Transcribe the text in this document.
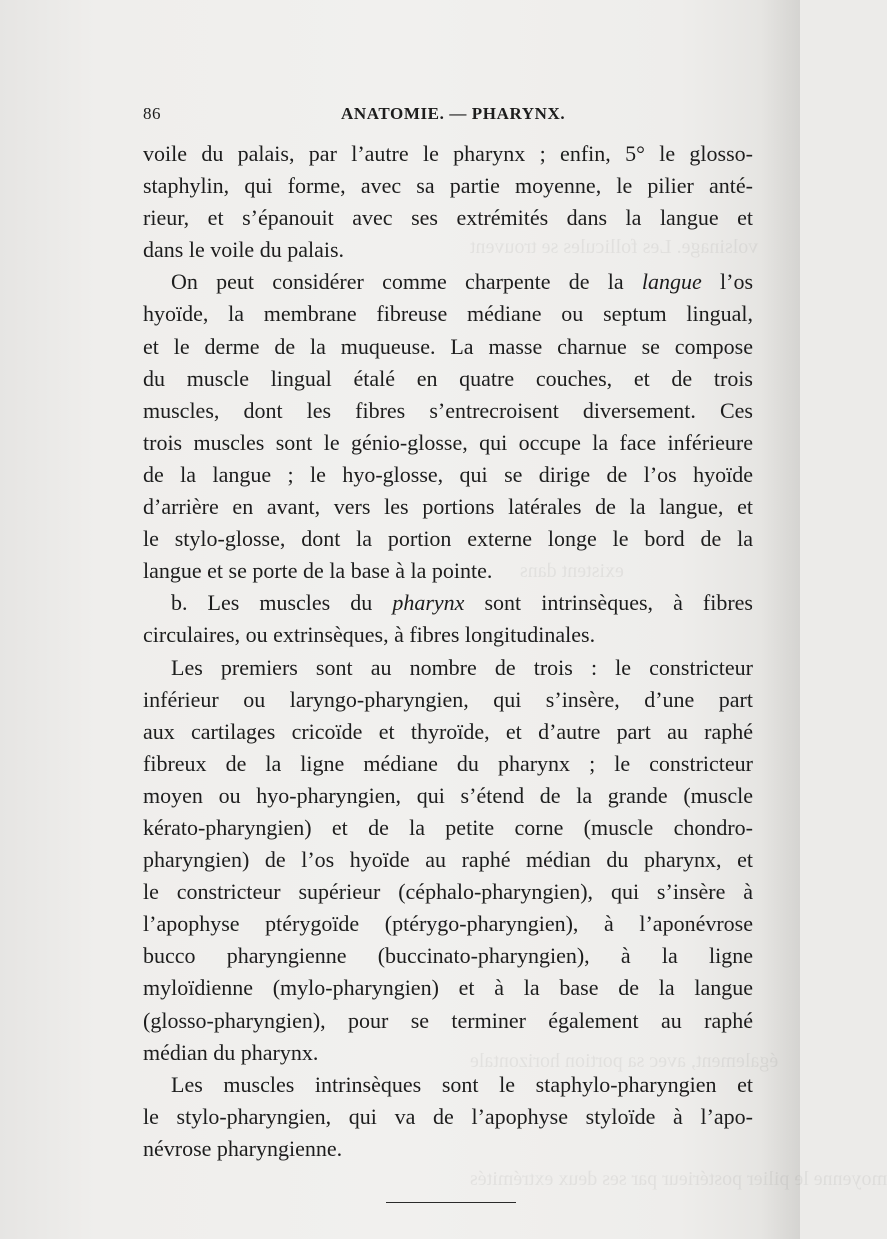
volsinage. Les follicules se trouvent
existent dans
également, avec sa portion horizontale
moyenne le pilier postérieur par ses deux extrémités
86	ANATOMIE. — PHARYNX.
voile du palais, par l’autre le pharynx ; enfin, 5° le glosso-
staphylin, qui forme, avec sa partie moyenne, le pilier anté-
rieur, et s’épanouit avec ses extrémités dans la langue et
dans le voile du palais.
On peut considérer comme charpente de la langue l’os
hyoïde, la membrane fibreuse médiane ou septum lingual,
et le derme de la muqueuse. La masse charnue se compose
du muscle lingual étalé en quatre couches, et de trois
muscles, dont les fibres s’entrecroisent diversement. Ces
trois muscles sont le génio-glosse, qui occupe la face inférieure
de la langue ; le hyo-glosse, qui se dirige de l’os hyoïde
d’arrière en avant, vers les portions latérales de la langue, et
le stylo-glosse, dont la portion externe longe le bord de la
langue et se porte de la base à la pointe.
b. Les muscles du pharynx sont intrinsèques, à fibres
circulaires, ou extrinsèques, à fibres longitudinales.
Les premiers sont au nombre de trois : le constricteur
inférieur ou laryngo-pharyngien, qui s’insère, d’une part
aux cartilages cricoïde et thyroïde, et d’autre part au raphé
fibreux de la ligne médiane du pharynx ; le constricteur
moyen ou hyo-pharyngien, qui s’étend de la grande (muscle
kérato-pharyngien) et de la petite corne (muscle chondro-
pharyngien) de l’os hyoïde au raphé médian du pharynx, et
le constricteur supérieur (céphalo-pharyngien), qui s’insère à
l’apophyse ptérygoïde (ptérygo-pharyngien), à l’aponévrose
bucco pharyngienne (buccinato-pharyngien), à la ligne
myloïdienne (mylo-pharyngien) et à la base de la langue
(glosso-pharyngien), pour se terminer également au raphé
médian du pharynx.
Les muscles intrinsèques sont le staphylo-pharyngien et
le stylo-pharyngien, qui va de l’apophyse styloïde à l’apo-
névrose pharyngienne.
